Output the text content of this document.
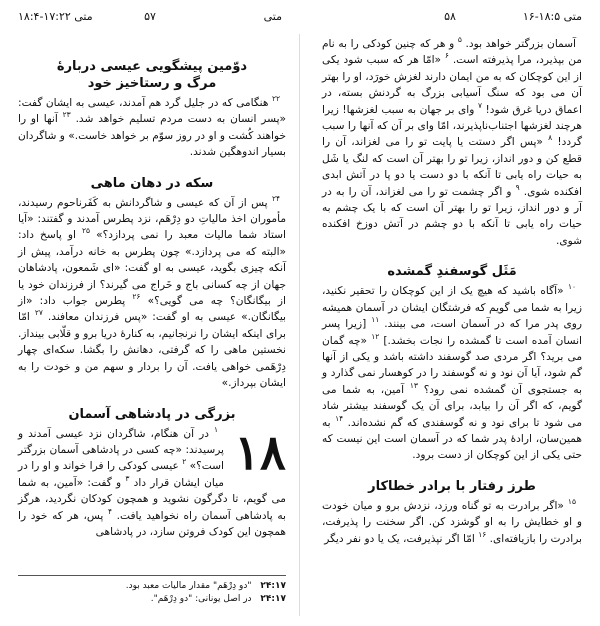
متی ۱۷:۲۲-۱۸:۴	۵۷	متی
دوّمین پیشگویی عیسی دربارهٔ
مرگ و رستاخیز خود

$^{۲۲}$ هنگامی که در جلیل گرد هم آمدند، عیسی به ایشان گفت: «پسر انسان به دست مردم تسلیم خواهد شد. $^{۲۳}$ آنها او را خواهند کُشت و او در روز سوّم بر خواهد خاست.» و شاگردان بسیار اندوهگین شدند.

سکه در دهان ماهی

$^{۲۴}$ پس از آن که عیسی و شاگردانش به کَفَرناحوم رسیدند، مأموران اخذ مالیاتِ دو دِرْهَم، نزد پطرس آمدند و گفتند: «آیا استاد شما مالیات معبد را نمی پردازد؟» $^{۲۵}$ او پاسخ داد: «البته که می پردازد.» چون پطرس به خانه درآمد، پیش از آنکه چیزی بگوید، عیسی به او گفت: «ای شَمعون، پادشاهان جهان از چه کسانی باج و خَراج می گیرند؟ از فرزندان خود یا از بیگانگان؟ چه می گویی؟» $^{۲۶}$ پطرس جواب داد: «از بیگانگان.» عیسی به او گفت: «پس فرزندان معافند. $^{۲۷}$ امّا برای اینکه ایشان را نرنجانیم، به کنارهٔ دریا برو و قلّابی بینداز. نخستین ماهی را که گرفتی، دهانش را بگشا. سکه‌ای چهار دِرْهَمی خواهی یافت. آن را بردار و سهم من و خودت را به ایشان بپرداز.»

بزرگی در پادشاهی آسمان
۱۸

$^۱$ در آن هنگام، شاگردان نزد عیسی آمدند و پرسیدند: «چه کسی در پادشاهی آسمان بزرگتر است؟» $^۲$ عیسی کودکی را فرا خواند و او را در میان ایشان قرار داد $^۳$ و گفت: «آمین، به شما می گویم، تا دگرگون نشوید و همچون کودکان نگردید، هرگز به پادشاهی آسمان راه نخواهید یافت. $^۴$ پس، هر که خود را همچون این کودک فروتن سازد، در پادشاهی

۲۴:۱۷ "دو دِرْهَم" مقدار مالیات معبد بود.
۲۴:۱۷ در اصل یونانی: "دو دِرْهَم".
۵۸	متی ۱۸:۵-۱۶

آسمان بزرگتر خواهد بود. $^۵$ و هر که چنین کودکی را به نام من بپذیرد، مرا پذیرفته است. $^۶$ «امّا هر که سبب شود یکی از این کوچکان که به من ایمان دارند لغزش خورَد، او را بهتر آن می بود که سنگ آسیابی بزرگ به گردنش بسته، در اعماق دریا غرق شود! $^۷$ وای بر جهان به سبب لغزشها! زیرا هرچند لغزشها اجتناب‌ناپذیرند، امّا وای بر آن که آنها را سبب گردد! $^۸$ «پس اگر دستت یا پایت تو را می لغزاند، آن را قطع کن و دور انداز، زیرا تو را بهتر آن است که لنگ یا شَل به حیات راه یابی تا آنکه با دو دست یا دو پا در آتش ابدی افکنده شوی. $^۹$ و اگر چشمت تو را می لغزاند، آن را به در آر و دور انداز، زیرا تو را بهتر آن است که با یک چشم به حیات راه یابی تا آنکه با دو چشم در آتش دوزخ افکنده شوی.

مَثَل گوسفندِ گمشده

$^{۱۰}$ «آگاه باشید که هیچ یک از این کوچکان را تحقیر نکنید، زیرا به شما می گویم که فرشتگان ایشان در آسمان همیشه روی پدر مرا که در آسمان است، می بینند. $^{۱۱}$ [زیرا پسر انسان آمده است تا گمشده را نجات بخشد.] $^{۱۲}$ «چه گمان می برید؟ اگر مردی صد گوسفند داشته باشد و یکی از آنها گم شود، آیا آن نود و نه گوسفند را در کوهسار نمی گذارد و به جستجوی آن گمشده نمی رود؟ $^{۱۳}$ آمین، به شما می گویم، که اگر آن را بیابد، برای آن یک گوسفند بیشتر شاد می شود تا برای نود و نه گوسفندی که گم نشده‌اند. $^{۱۴}$ به همین‌سان، ارادهٔ پدر شما که در آسمان است این نیست که حتی یکی از این کوچکان از دست برود.

طرز رفتار با برادر خطاکار

$^{۱۵}$ «اگر برادرت به تو گناه ورزد، نزدش برو و میان خودت و او خطایش را به او گوشزد کن. اگر سخنت را پذیرفت، برادرت را بازیافته‌ای. $^{۱۶}$ امّا اگر نپذیرفت، یک یا دو نفر دیگر
